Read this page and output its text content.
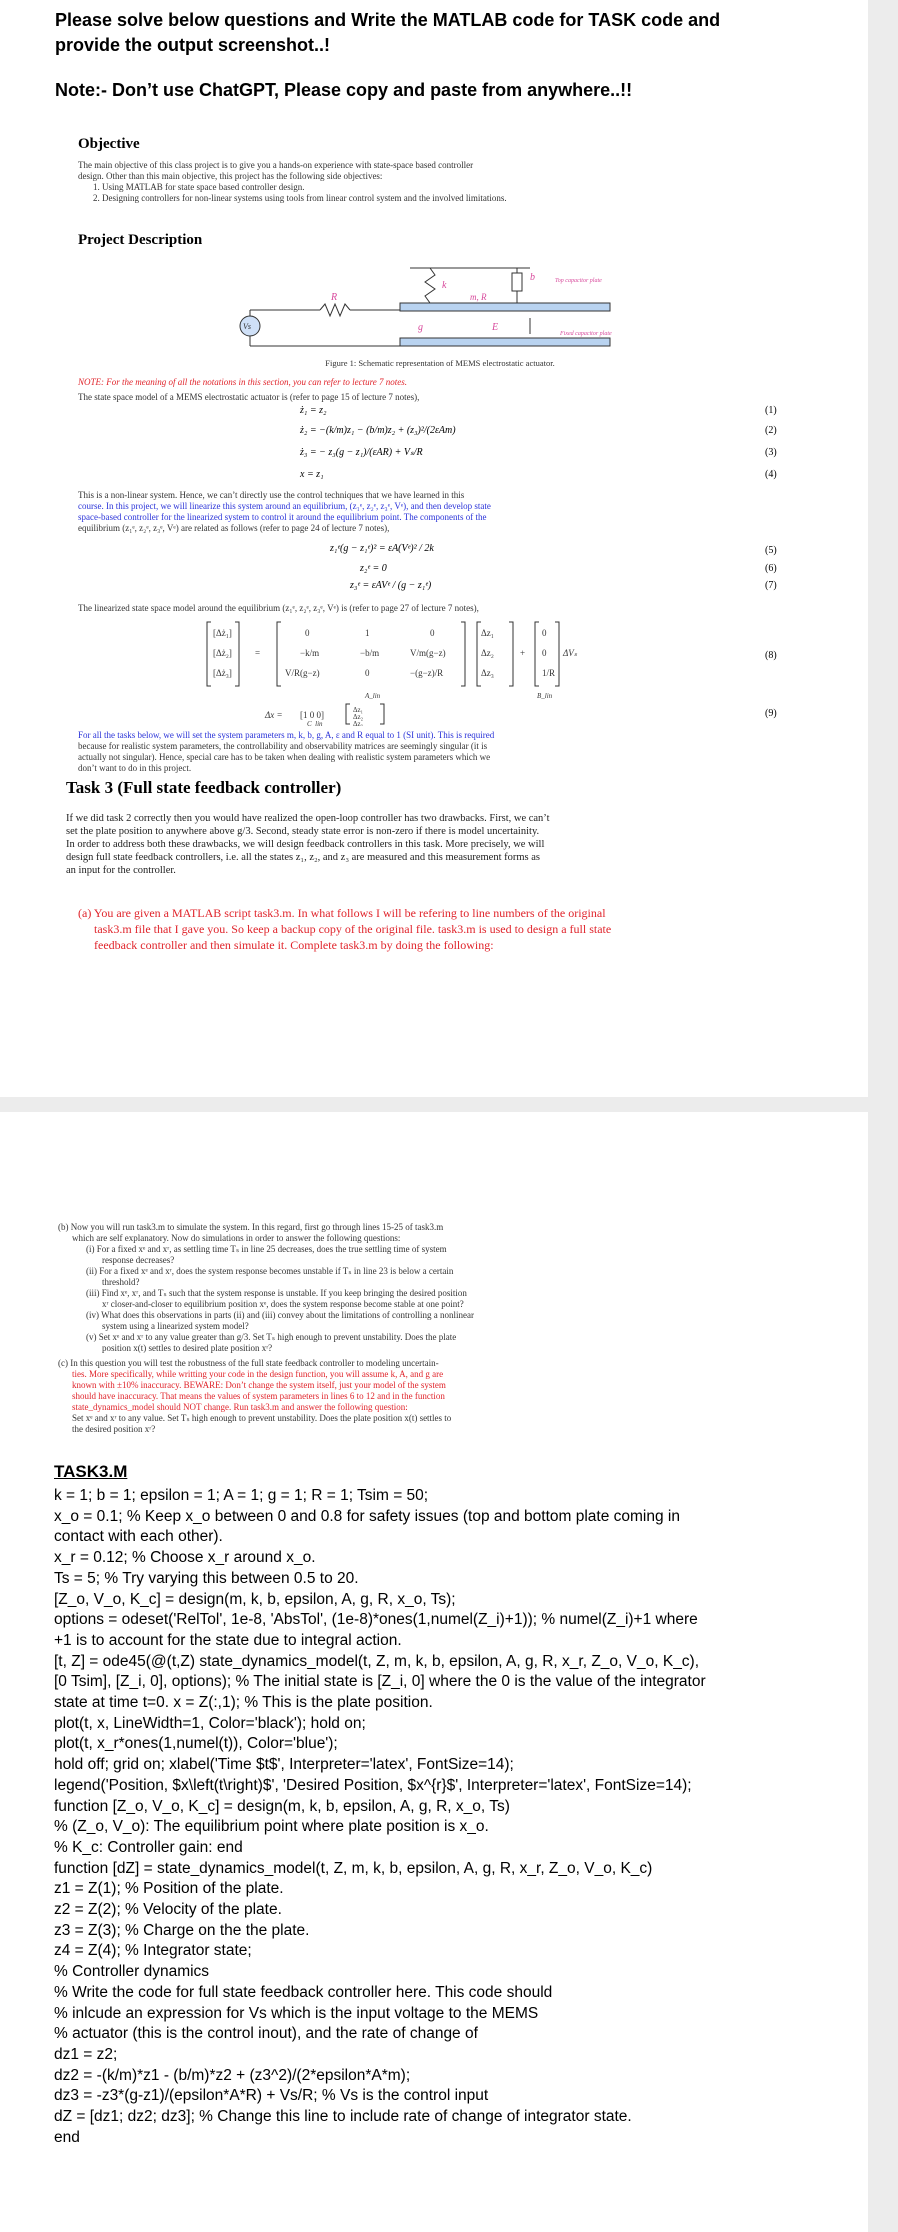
Please solve below questions and Write the MATLAB code for TASK code and
provide the output screenshot..!
Note:- Don’t use ChatGPT, Please copy and paste from anywhere..!!
Objective
The main objective of this class project is to give you a hands-on experience with state-space based controller
design. Other than this main objective, this project has the following side objectives:
1. Using MATLAB for state space based controller design.
2. Designing controllers for non-linear systems using tools from linear control system and the involved limitations.
Project Description
k
b
m, R
g	E
R
Vs
Top capacitor plate
Fixed capacitor plate
Figure 1: Schematic representation of MEMS electrostatic actuator.
NOTE: For the meaning of all the notations in this section, you can refer to lecture 7 notes.
The state space model of a MEMS electrostatic actuator is (refer to page 15 of lecture 7 notes),
ż₁ = z₂
ż₂ = −(k/m)z₁ − (b/m)z₂ + (z₃)²/(2εAm)
ż₃ = − z₃(g − z₁)/(εAR) + Vₛ/R
x = z₁
(1)
(2)
(3)
(4)
This is a non-linear system. Hence, we can’t directly use the control techniques that we have learned in this
course. In this project, we will linearize this system around an equilibrium, (z₁ᵉ, z₂ᵉ, z₃ᵉ, Vᵉ), and then develop state
space-based controller for the linearized system to control it around the equilibrium point. The components of the
equilibrium (z₁ᵉ, z₂ᵉ, z₃ᵉ, Vᵉ) are related as follows (refer to page 24 of lecture 7 notes),
z₁ᵉ(g − z₁ᵉ)² = εA(Vᵉ)² / 2k
z₂ᵉ = 0
z₃ᵉ = εAVᵉ / (g − z₁ᵉ)
(5)
(6)
(7)
The linearized state space model around the equilibrium (z₁ᵉ, z₂ᵉ, z₃ᵉ, Vᵉ) is (refer to page 27 of lecture 7 notes),
[Δż₁]
[Δż₂]
[Δż₃]
=
0	1	0
−k/m	−b/m	V/m(g−z)
V/R(g−z)	0	−(g−z)/R
Δz₁
Δz₂
Δz₃
+
0
0
1/R
A_lin
ΔVₛ
B_lin
Δx = [1 0 0]
C_lin
Δz₁
Δz₂
Δz₃
(8)
(9)
For all the tasks below, we will set the system parameters m, k, b, g, A, ε and R equal to 1 (SI unit). This is required
because for realistic system parameters, the controllability and observability matrices are seemingly singular (it is
actually not singular). Hence, special care has to be taken when dealing with realistic system parameters which we
don’t want to do in this project.
Task 3 (Full state feedback controller)
If we did task 2 correctly then you would have realized the open-loop controller has two drawbacks. First, we can’t
set the plate position to anywhere above g/3. Second, steady state error is non-zero if there is model uncertainity.
In order to address both these drawbacks, we will design feedback controllers in this task. More precisely, we will
design full state feedback controllers, i.e. all the states z₁, z₂, and z₃ are measured and this measurement forms as
an input for the controller.
(a) You are given a MATLAB script task3.m. In what follows I will be refering to line numbers of the original
task3.m file that I gave you. So keep a backup copy of the original file. task3.m is used to design a full state
feedback controller and then simulate it. Complete task3.m by doing the following:
(b) Now you will run task3.m to simulate the system. In this regard, first go through lines 15-25 of task3.m
which are self explanatory. Now do simulations in order to answer the following questions:
(i) For a fixed xᵉ and xʳ, as settling time Tₛ in line 25 decreases, does the true settling time of system
response decreases?
(ii) For a fixed xᵉ and xʳ, does the system response becomes unstable if Tₛ in line 23 is below a certain
threshold?
(iii) Find xᵉ, xʳ, and Tₛ such that the system response is unstable. If you keep bringing the desired position
xʳ closer-and-closer to equilibrium position xᵉ, does the system response become stable at one point?
(iv) What does this observations in parts (ii) and (iii) convey about the limitations of controlling a nonlinear
system using a linearized system model?
(v) Set xᵉ and xʳ to any value greater than g/3. Set Tₛ high enough to prevent unstability. Does the plate
position x(t) settles to desired plate position xʳ?
(c) In this question you will test the robustness of the full state feedback controller to modeling uncertain-
ties. More specifically, while writting your code in the design function, you will assume k, A, and g are
known with ±10% inaccuracy. BEWARE: Don’t change the system itself, just your model of the system
should have inaccuracy. That means the values of system parameters in lines 6 to 12 and in the function
state_dynamics_model should NOT change. Run task3.m and answer the following question:
Set xᵉ and xʳ to any value. Set Tₛ high enough to prevent unstability. Does the plate position x(t) settles to
the desired position xʳ?
TASK3.M
k = 1; b = 1; epsilon = 1; A = 1; g = 1; R = 1; Tsim = 50;
x_o = 0.1; % Keep x_o between 0 and 0.8 for safety issues (top and bottom plate coming in
contact with each other).
x_r = 0.12; % Choose x_r around x_o.
Ts = 5; % Try varying this between 0.5 to 20.
[Z_o, V_o, K_c] = design(m, k, b, epsilon, A, g, R, x_o, Ts);
options = odeset('RelTol', 1e-8, 'AbsTol', (1e-8)*ones(1,numel(Z_i)+1)); % numel(Z_i)+1 where
+1 is to account for the state due to integral action.
[t, Z] = ode45(@(t,Z) state_dynamics_model(t, Z, m, k, b, epsilon, A, g, R, x_r, Z_o, V_o, K_c),
[0 Tsim], [Z_i, 0], options); % The initial state is [Z_i, 0] where the 0 is the value of the integrator
state at time t=0. x = Z(:,1); % This is the plate position.
plot(t, x, LineWidth=1, Color='black'); hold on;
plot(t, x_r*ones(1,numel(t)), Color='blue');
hold off; grid on; xlabel('Time $t$', Interpreter='latex', FontSize=14);
legend('Position, $x\left(t\right)$', 'Desired Position, $x^{r}$', Interpreter='latex', FontSize=14);
function [Z_o, V_o, K_c] = design(m, k, b, epsilon, A, g, R, x_o, Ts)
% (Z_o, V_o): The equilibrium point where plate position is x_o.
% K_c: Controller gain: end
function [dZ] = state_dynamics_model(t, Z, m, k, b, epsilon, A, g, R, x_r, Z_o, V_o, K_c)
z1 = Z(1); % Position of the plate.
z2 = Z(2); % Velocity of the plate.
z3 = Z(3); % Charge on the the plate.
z4 = Z(4); % Integrator state;
% Controller dynamics
% Write the code for full state feedback controller here. This code should
% inlcude an expression for Vs which is the input voltage to the MEMS
% actuator (this is the control inout), and the rate of change of
dz1 = z2;
dz2 = -(k/m)*z1 - (b/m)*z2 + (z3^2)/(2*epsilon*A*m);
dz3 = -z3*(g-z1)/(epsilon*A*R) + Vs/R; % Vs is the control input
dZ = [dz1; dz2; dz3]; % Change this line to include rate of change of integrator state.
end
